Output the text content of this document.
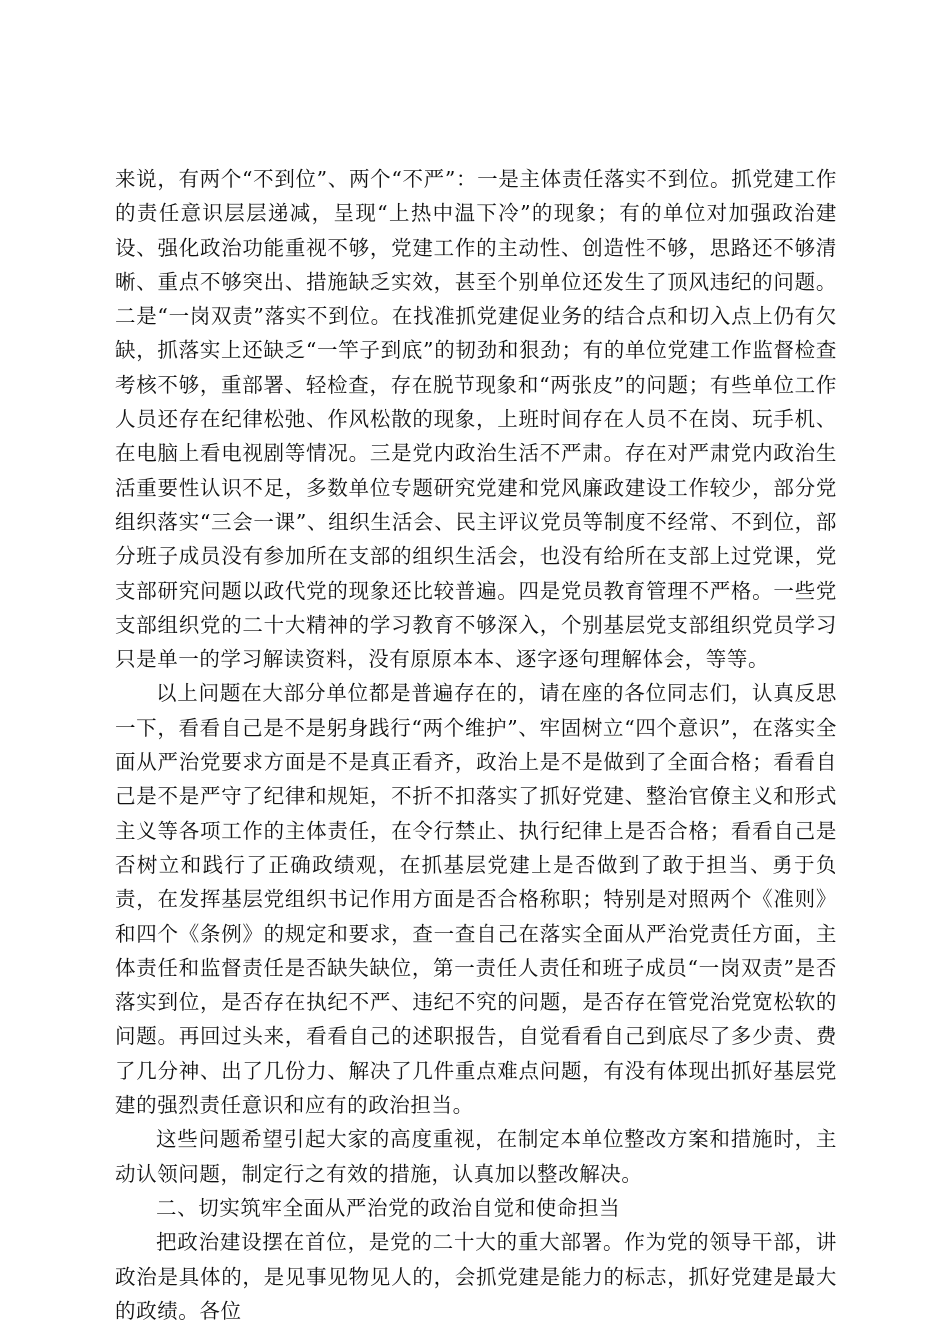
来说，有两个“不到位”、两个“不严”：一是主体责任落实不到位。抓党建工作的责任意识层层递减，呈现“上热中温下冷”的现象；有的单位对加强政治建设、强化政治功能重视不够，党建工作的主动性、创造性不够，思路还不够清晰、重点不够突出、措施缺乏实效，甚至个别单位还发生了顶风违纪的问题。二是“一岗双责”落实不到位。在找准抓党建促业务的结合点和切入点上仍有欠缺，抓落实上还缺乏“一竿子到底”的韧劲和狠劲；有的单位党建工作监督检查考核不够，重部署、轻检查，存在脱节现象和“两张皮”的问题；有些单位工作人员还存在纪律松弛、作风松散的现象，上班时间存在人员不在岗、玩手机、在电脑上看电视剧等情况。三是党内政治生活不严肃。存在对严肃党内政治生活重要性认识不足，多数单位专题研究党建和党风廉政建设工作较少，部分党组织落实“三会一课”、组织生活会、民主评议党员等制度不经常、不到位，部分班子成员没有参加所在支部的组织生活会，也没有给所在支部上过党课，党支部研究问题以政代党的现象还比较普遍。四是党员教育管理不严格。一些党支部组织党的二十大精神的学习教育不够深入，个别基层党支部组织党员学习只是单一的学习解读资料，没有原原本本、逐字逐句理解体会，等等。

以上问题在大部分单位都是普遍存在的，请在座的各位同志们，认真反思一下，看看自己是不是躬身践行“两个维护”、牢固树立“四个意识”，在落实全面从严治党要求方面是不是真正看齐，政治上是不是做到了全面合格；看看自己是不是严守了纪律和规矩，不折不扣落实了抓好党建、整治官僚主义和形式主义等各项工作的主体责任，在令行禁止、执行纪律上是否合格；看看自己是否树立和践行了正确政绩观，在抓基层党建上是否做到了敢于担当、勇于负责，在发挥基层党组织书记作用方面是否合格称职；特别是对照两个《准则》和四个《条例》的规定和要求，查一查自己在落实全面从严治党责任方面，主体责任和监督责任是否缺失缺位，第一责任人责任和班子成员“一岗双责”是否落实到位，是否存在执纪不严、违纪不究的问题，是否存在管党治党宽松软的问题。再回过头来，看看自己的述职报告，自觉看看自己到底尽了多少责、费了几分神、出了几份力、解决了几件重点难点问题，有没有体现出抓好基层党建的强烈责任意识和应有的政治担当。

这些问题希望引起大家的高度重视，在制定本单位整改方案和措施时，主动认领问题，制定行之有效的措施，认真加以整改解决。

二、切实筑牢全面从严治党的政治自觉和使命担当

把政治建设摆在首位，是党的二十大的重大部署。作为党的领导干部，讲政治是具体的，是见事见物见人的，会抓党建是能力的标志，抓好党建是最大的政绩。各位
